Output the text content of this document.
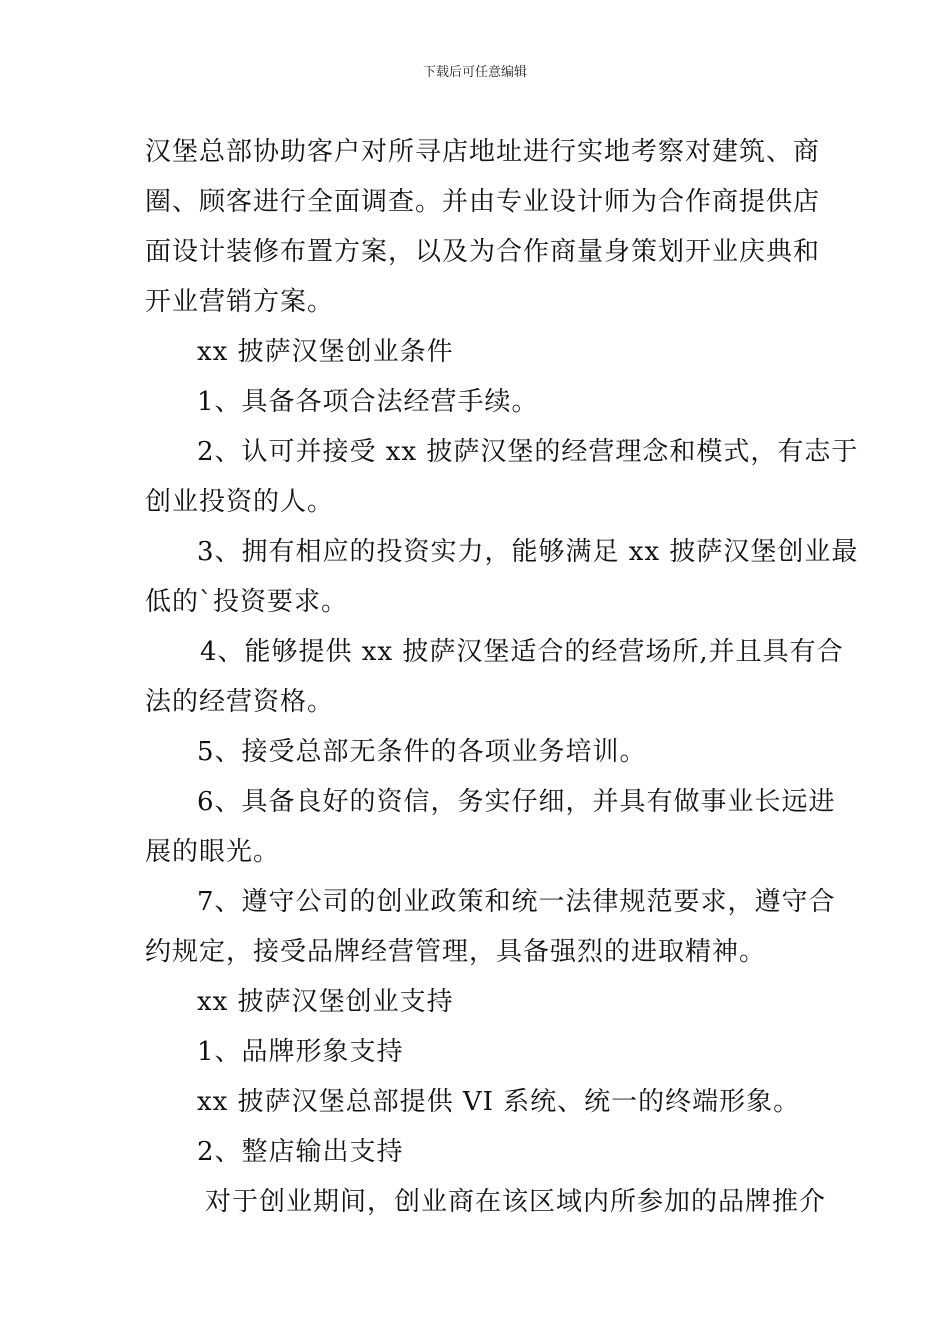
下载后可任意编辑

汉堡总部协助客户对所寻店地址进行实地考察对建筑、商

圈、顾客进行全面调查。并由专业设计师为合作商提供店

面设计装修布置方案，以及为合作商量身策划开业庆典和

开业营销方案。

xx 披萨汉堡创业条件

1、具备各项合法经营手续。

2、认可并接受 xx 披萨汉堡的经营理念和模式，有志于

创业投资的人。

3、拥有相应的投资实力，能够满足 xx 披萨汉堡创业最

低的`投资要求。

4、能够提供 xx 披萨汉堡适合的经营场所,并且具有合

法的经营资格。

5、接受总部无条件的各项业务培训。

6、具备良好的资信，务实仔细，并具有做事业长远进

展的眼光。

7、遵守公司的创业政策和统一法律规范要求，遵守合

约规定，接受品牌经营管理，具备强烈的进取精神。

xx 披萨汉堡创业支持

1、品牌形象支持

xx 披萨汉堡总部提供 VI 系统、统一的终端形象。

2、整店输出支持

对于创业期间，创业商在该区域内所参加的品牌推介
